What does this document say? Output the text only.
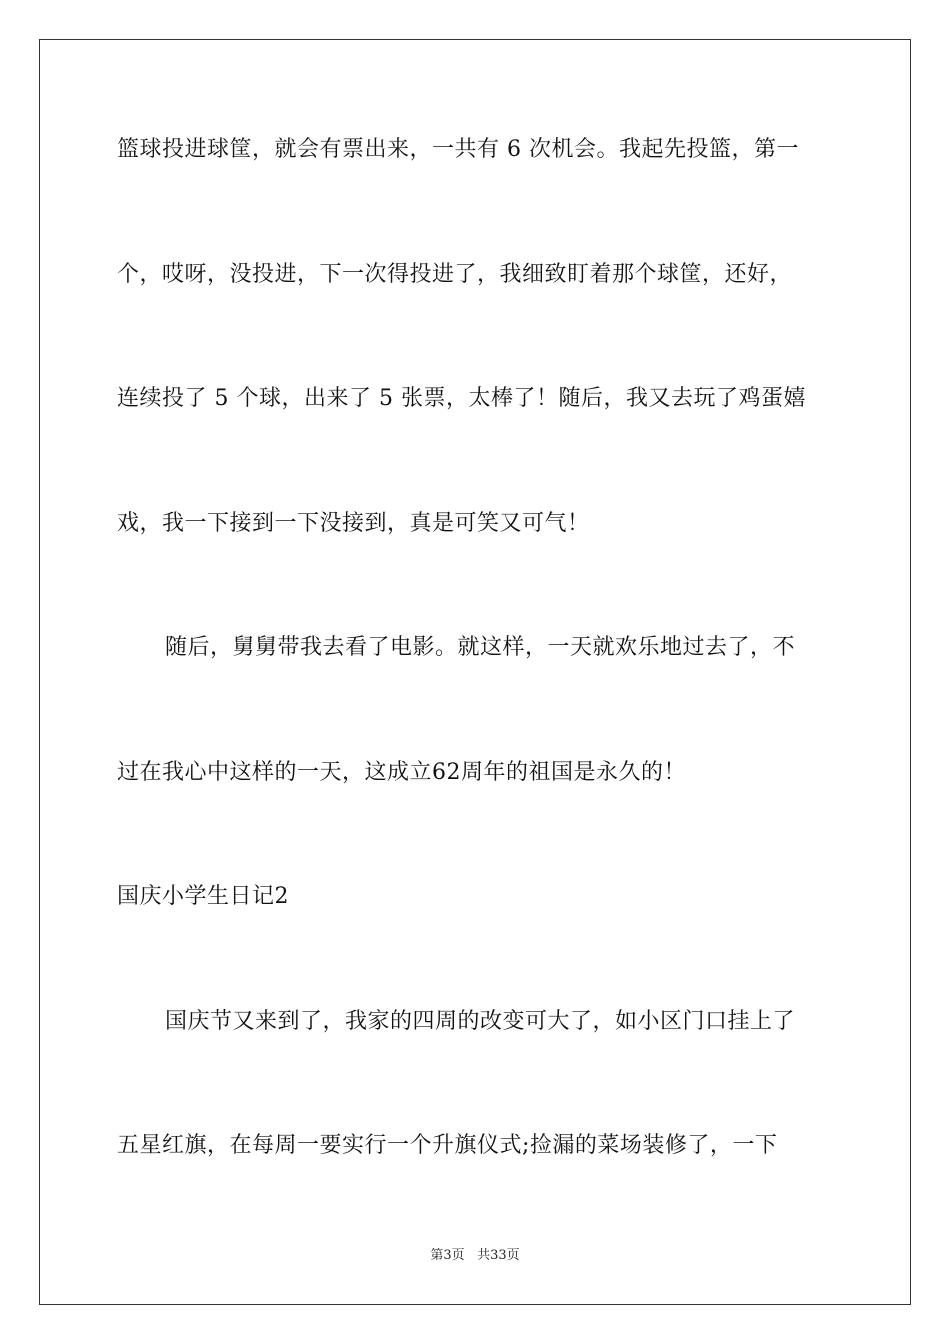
篮球投进球筐，就会有票出来，一共有 6 次机会。我起先投篮，第一
个，哎呀，没投进，下一次得投进了，我细致盯着那个球筐，还好，
连续投了 5 个球，出来了 5 张票，太棒了！随后，我又去玩了鸡蛋嬉
戏，我一下接到一下没接到，真是可笑又可气！
随后，舅舅带我去看了电影。就这样，一天就欢乐地过去了，不
过在我心中这样的一天，这成立62周年的祖国是永久的！
国庆小学生日记2
国庆节又来到了，我家的四周的改变可大了，如小区门口挂上了
五星红旗，在每周一要实行一个升旗仪式;捡漏的菜场装修了，一下
第3页 共33页
